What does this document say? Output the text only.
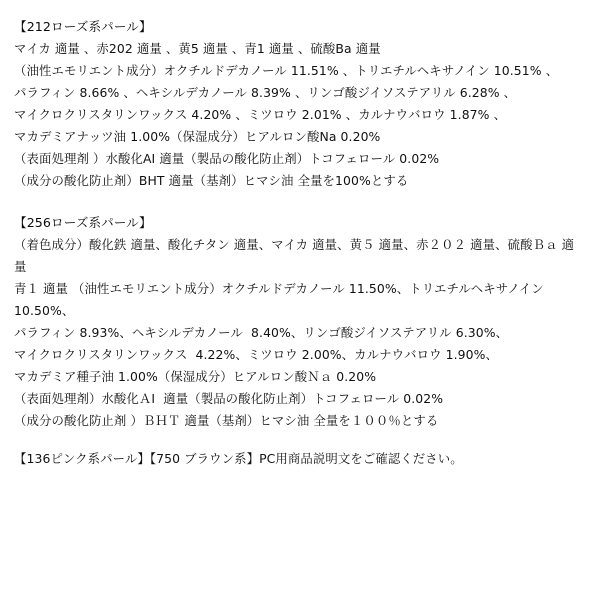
【212ローズ系パール】
マイカ 適量 、赤202 適量 、黄5 適量 、青1 適量 、硫酸Ba 適量
（油性エモリエント成分）オクチルドデカノール 11.51% 、トリエチルヘキサノイン 10.51% 、
パラフィン 8.66% 、ヘキシルデカノール 8.39% 、リンゴ酸ジイソステアリル 6.28% 、
マイクロクリスタリンワックス 4.20% 、ミツロウ 2.01% 、カルナウバロウ 1.87% 、
マカデミアナッツ油 1.00%（保湿成分）ヒアルロン酸Na 0.20%
（表面処理剤 ）水酸化AI 適量（製品の酸化防止剤）トコフェロール 0.02%
（成分の酸化防止剤）BHT 適量（基剤）ヒマシ油 全量を100%とする
【256ローズ系パール】
（着色成分）酸化鉄 適量、酸化チタン 適量、マイカ 適量、黄５ 適量、赤２０２ 適量、硫酸Ｂａ 適量
青１ 適量 （油性エモリエント成分）オクチルドデカノール 11.50%、トリエチルヘキサノイン 10.50%、
パラフィン 8.93%、ヘキシルデカノール  8.40%、リンゴ酸ジイソステアリル 6.30%、
マイクロクリスタリンワックス  4.22%、ミツロウ 2.00%、カルナウバロウ 1.90%、
マカデミア種子油 1.00%（保湿成分）ヒアルロン酸Ｎａ 0.20%
（表面処理剤）水酸化ＡI  適量（製品の酸化防止剤）トコフェロール 0.02%
（成分の酸化防止剤 ）ＢＨＴ 適量（基剤）ヒマシ油 全量を１００％とする
【136ピンク系パール】【750 ブラウン系】PC用商品説明文をご確認ください。
